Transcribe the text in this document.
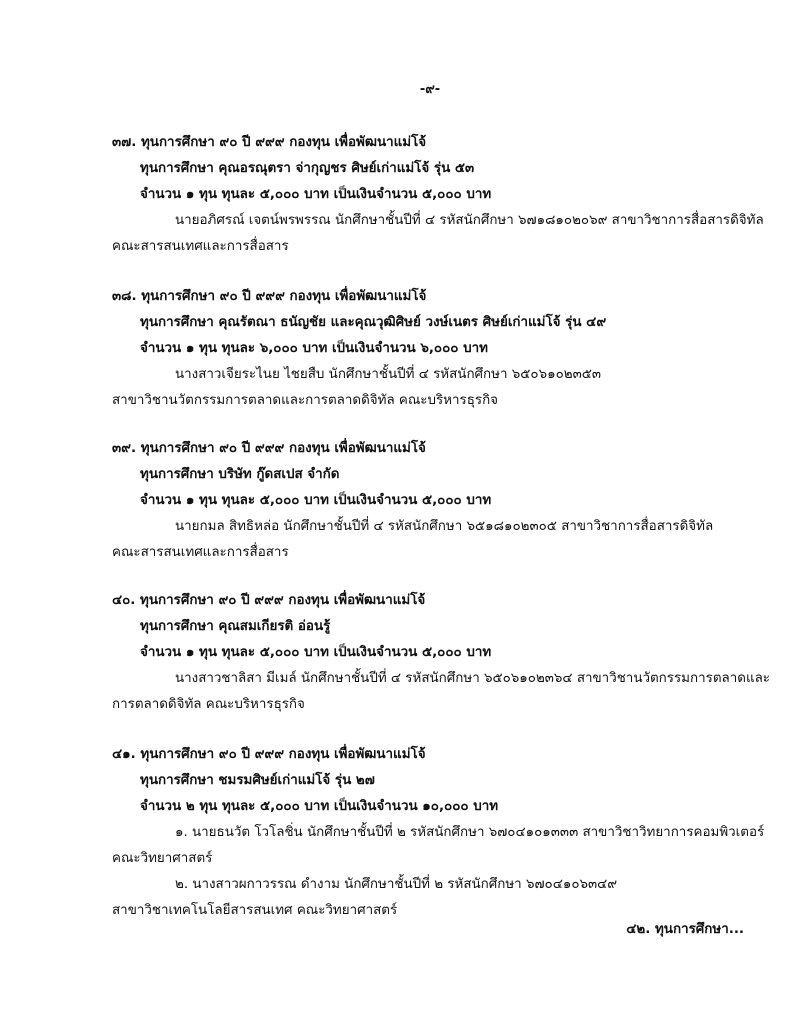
-๙-
๓๗. ทุนการศึกษา ๙๐ ปี ๙๙๙ กองทุน เพื่อพัฒนาแม่โจ้
ทุนการศึกษา คุณอรณุตรา จ่ากุญชร ศิษย์เก่าแม่โจ้ รุ่น ๕๓
จำนวน ๑ ทุน ทุนละ ๕,๐๐๐ บาท เป็นเงินจำนวน ๕,๐๐๐ บาท
นายอภิศรณ์ เจตน์พรพรรณ นักศึกษาชั้นปีที่ ๔ รหัสนักศึกษา ๖๗๑๘๑๐๒๐๖๙ สาขาวิชาการสื่อสารดิจิทัล
คณะสารสนเทศและการสื่อสาร
๓๘. ทุนการศึกษา ๙๐ ปี ๙๙๙ กองทุน เพื่อพัฒนาแม่โจ้
ทุนการศึกษา คุณรัตณา ธนัญชัย และคุณวุฒิศิษย์ วงษ์เนตร ศิษย์เก่าแม่โจ้ รุ่น ๔๙
จำนวน ๑ ทุน ทุนละ ๖,๐๐๐ บาท เป็นเงินจำนวน ๖,๐๐๐ บาท
นางสาวเจียระไนย ไชยสืบ นักศึกษาชั้นปีที่ ๔ รหัสนักศึกษา ๖๕๐๖๑๐๒๓๕๓
สาขาวิชานวัตกรรมการตลาดและการตลาดดิจิทัล คณะบริหารธุรกิจ
๓๙. ทุนการศึกษา ๙๐ ปี ๙๙๙ กองทุน เพื่อพัฒนาแม่โจ้
ทุนการศึกษา บริษัท กู๊ดสเปส จำกัด
จำนวน ๑ ทุน ทุนละ ๕,๐๐๐ บาท เป็นเงินจำนวน ๕,๐๐๐ บาท
นายกมล สิทธิหล่อ นักศึกษาชั้นปีที่ ๔ รหัสนักศึกษา ๖๕๑๘๑๐๒๓๐๕ สาขาวิชาการสื่อสารดิจิทัล
คณะสารสนเทศและการสื่อสาร
๔๐. ทุนการศึกษา ๙๐ ปี ๙๙๙ กองทุน เพื่อพัฒนาแม่โจ้
ทุนการศึกษา คุณสมเกียรติ อ่อนรู้
จำนวน ๑ ทุน ทุนละ ๕,๐๐๐ บาท เป็นเงินจำนวน ๕,๐๐๐ บาท
นางสาวชาลิสา มีเมล์ นักศึกษาชั้นปีที่ ๔ รหัสนักศึกษา ๖๕๐๖๑๐๒๓๖๔ สาขาวิชานวัตกรรมการตลาดและ
การตลาดดิจิทัล คณะบริหารธุรกิจ
๔๑. ทุนการศึกษา ๙๐ ปี ๙๙๙ กองทุน เพื่อพัฒนาแม่โจ้
ทุนการศึกษา ชมรมศิษย์เก่าแม่โจ้ รุ่น ๒๗
จำนวน ๒ ทุน ทุนละ ๕,๐๐๐ บาท เป็นเงินจำนวน ๑๐,๐๐๐ บาท
๑. นายธนวัต โวโลชิ่น นักศึกษาชั้นปีที่ ๒ รหัสนักศึกษา ๖๗๐๔๑๐๑๓๓๓ สาขาวิชาวิทยาการคอมพิวเตอร์
คณะวิทยาศาสตร์
๒. นางสาวผกาวรรณ ดำงาม นักศึกษาชั้นปีที่ ๒ รหัสนักศึกษา ๖๗๐๔๑๐๖๓๔๙
สาขาวิชาเทคโนโลยีสารสนเทศ คณะวิทยาศาสตร์
๔๒. ทุนการศึกษา...
